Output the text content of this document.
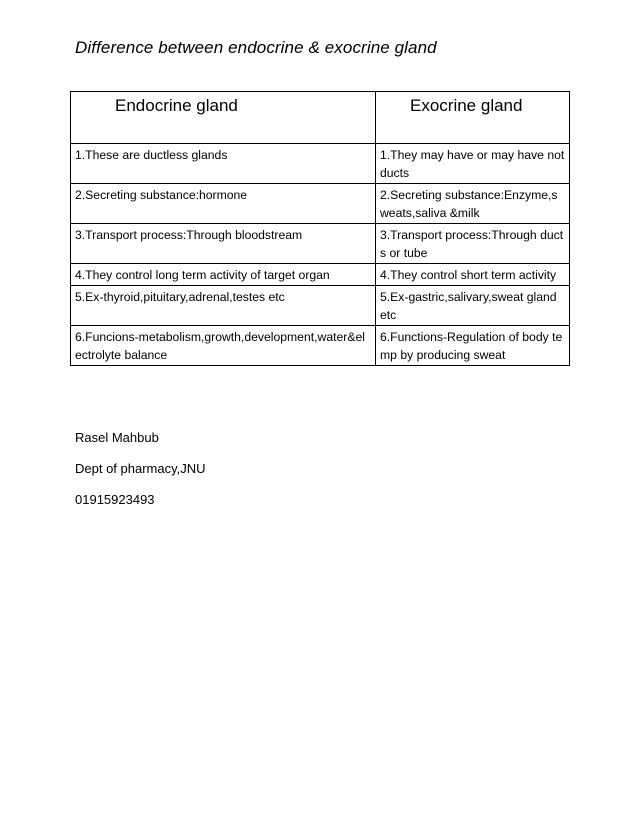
Difference between endocrine & exocrine gland
Endocrine gland	Exocrine gland
1.These are ductless glands	1.They may have or may have not ducts
2.Secreting substance:hormone	2.Secreting substance:Enzyme,sweats,saliva &milk
3.Transport process:Through bloodstream	3.Transport process:Through ducts or tube
4.They control long term activity of target organ	4.They control short term activity
5.Ex-thyroid,pituitary,adrenal,testes etc	5.Ex-gastric,salivary,sweat gland etc
6.Funcions-metabolism,growth,development,water&electrolyte balance	6.Functions-Regulation of body temp by producing sweat
Rasel Mahbub
Dept of pharmacy,JNU
01915923493
